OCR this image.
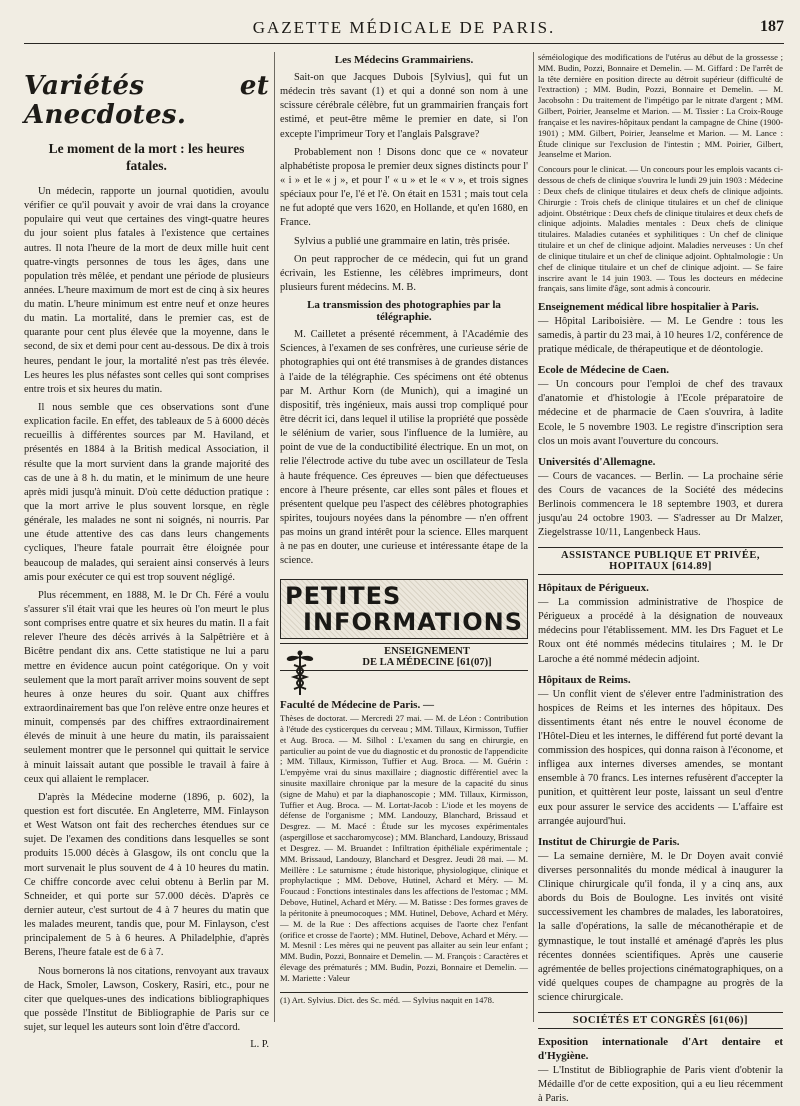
GAZETTE MÉDICALE DE PARIS.	187
Variétés et Anecdotes.
Le moment de la mort : les heures fatales.

Un médecin, rapporte un journal quotidien, avoulu vérifier ce qu'il pouvait y avoir de vrai dans la croyance populaire qui veut que certaines des vingt-quatre heures du jour soient plus fatales à l'existence que certaines autres. Il nota l'heure de la mort de deux mille huit cent quatre-vingts personnes de tous les âges, dans une population très mêlée, et pendant une période de plusieurs années. L'heure maximum de mort est de cinq à six heures du matin. L'heure minimum est entre neuf et onze heures du matin. La mortalité, dans le premier cas, est de quarante pour cent plus élevée que la moyenne, dans le second, de six et demi pour cent au-dessous. De dix à trois heures, pendant le jour, la mortalité n'est pas très élevée. Les heures les plus néfastes sont celles qui sont comprises entre trois et six heures du matin.

Il nous semble que ces observations sont d'une explication facile. En effet, des tableaux de 5 à 6000 décès recueillis à différentes sources par M. Haviland, et présentés en 1884 à la British medical Association, il résulte que la mort survient dans la grande majorité des cas de une à 8 h. du matin, et le minimum de une heure après midi jusqu'à minuit. D'où cette déduction pratique : que la mort arrive le plus souvent lorsque, en règle générale, les malades ne sont ni soignés, ni nourris. Par une étude attentive des cas dans leurs changements cycliques, l'heure fatale pourrait être éloignée pour beaucoup de malades, qui seraient ainsi conservés à leurs amis pour exécuter ce qui est trop souvent négligé.

Plus récemment, en 1888, M. le Dr Ch. Féré a voulu s'assurer s'il était vrai que les heures où l'on meurt le plus sont comprises entre quatre et six heures du matin. Il a fait relever l'heure des décès arrivés à la Salpêtrière et à Bicêtre pendant dix ans. Cette statistique ne lui a paru mettre en évidence aucun point catégorique. On y voit seulement que la mort paraît arriver moins souvent de sept heures à onze heures du soir. Quant aux chiffres extraordinairement bas que l'on relève entre onze heures et minuit, compensés par des chiffres extraordinairement élevés de minuit à une heure du matin, ils paraissaient seulement montrer que le personnel qui quittait le service à minuit laissait autant que possible le travail à faire à ceux qui allaient le remplacer.

D'après la Médecine moderne (1896, p. 602), la question est fort discutée. En Angleterre, MM. Finlayson et West Watson ont fait des recherches étendues sur ce sujet. De l'examen des conditions dans lesquelles se sont produits 15.000 décès à Glasgow, ils ont conclu que la mort survenait le plus souvent de 4 à 10 heures du matin. Ce chiffre concorde avec celui obtenu à Berlin par M. Schneider, et qui porte sur 57.000 décès. D'après ce dernier auteur, c'est surtout de 4 à 7 heures du matin que les malades meurent, tandis que, pour M. Finlayson, c'est principalement de 5 à 6 heures. A Philadelphie, d'après Berens, l'heure fatale est de 6 à 7.

Nous bornerons là nos citations, renvoyant aux travaux de Hack, Smoler, Lawson, Coskery, Rasiri, etc., pour ne citer que quelques-unes des indications bibliographiques que possède l'Institut de Bibliographie de Paris sur ce sujet, sur lequel les auteurs sont loin d'être d'accord.

L. P.
Les Médecins Grammairiens.

Sait-on que Jacques Dubois [Sylvius], qui fut un médecin très savant (1) et qui a donné son nom à une scissure cérébrale célèbre, fut un grammairien français fort estimé, et peut-être même le premier en date, si l'on excepte l'imprimeur Tory et l'anglais Palsgrave?

Probablement non ! Disons donc que ce « novateur alphabétiste proposa le premier deux signes distincts pour l' « i » et le « j », et pour l' « u » et le « v », et trois signes spéciaux pour l'e, l'é et l'è. On était en 1531 ; mais tout cela ne fut adopté que vers 1620, en Hollande, et qu'en 1680, en France.

Sylvius a publié une grammaire en latin, très prisée.

On peut rapprocher de ce médecin, qui fut un grand écrivain, les Estienne, les célèbres imprimeurs, dont plusieurs furent médecins. M. B.

La transmission des photographies par la télégraphie.

M. Cailletet a présenté récemment, à l'Académie des Sciences, à l'examen de ses confrères, une curieuse série de photographies qui ont été transmises à de grandes distances à l'aide de la télégraphie. Ces spécimens ont été obtenus par M. Arthur Korn (de Munich), qui a imaginé un dispositif, très ingénieux, mais aussi trop compliqué pour être décrit ici, dans lequel il utilise la propriété que possède le sélénium de varier, sous l'influence de la lumière, au point de vue de la conductibilité électrique. En un mot, on relie l'électrode active du tube avec un oscillateur de Tesla à haute fréquence. Ces épreuves — bien que défectueuses encore à l'heure présente, car elles sont pâles et floues et présentent quelque peu l'aspect des célèbres photographies spirites, toujours noyées dans la pénombre — n'en offrent pas moins un grand intérêt pour la science. Elles marquent à ne pas en douter, une curieuse et intéressante étape de la science.

PETITES
INFORMATIONS
ENSEIGNEMENT
DE LA MÉDECINE [61(07)]
Faculté de Médecine de Paris. —

Thèses de doctorat. — Mercredi 27 mai. — M. de Léon : Contribution à l'étude des cysticerques du cerveau ; MM. Tillaux, Kirmisson, Tuffier et Aug. Broca. — M. Silhol : L'examen du sang en chirurgie, en particulier au point de vue du diagnostic et du pronostic de l'appendicite ; MM. Tillaux, Kirmisson, Tuffier et Aug. Broca. — M. Guérin : L'empyème vrai du sinus maxillaire ; diagnostic différentiel avec la sinusite maxillaire chronique par la mesure de la capacité du sinus (signe de Mahu) et par la diaphanoscopie ; MM. Tillaux, Kirmisson, Tuffier et Aug. Broca. — M. Lortat-Jacob : L'iode et les moyens de défense de l'organisme ; MM. Landouzy, Blanchard, Brissaud et Desgrez. — M. Macé : Étude sur les mycoses expérimentales (aspergillose et saccharomycose) ; MM. Blanchard, Landouzy, Brissaud et Desgrez. — M. Bruandet : Infiltration épithéliale expérimentale ; MM. Brissaud, Landouzy, Blanchard et Desgrez. Jeudi 28 mai. — M. Meillère : Le saturnisme ; étude historique, physiologique, clinique et prophylactique ; MM. Debove, Hutinel, Achard et Méry. — M. Foucaud : Fonctions intestinales dans les affections de l'estomac ; MM. Debove, Hutinel, Achard et Méry. — M. Batisse : Des formes graves de la péritonite à pneumocoques ; MM. Hutinel, Debove, Achard et Méry. — M. de la Rue : Des affections acquises de l'aorte chez l'enfant (orifice et crosse de l'aorte) ; MM. Hutinel, Debove, Achard et Méry. — M. Mesnil : Les mères qui ne peuvent pas allaiter au sein leur enfant ; MM. Budin, Pozzi, Bonnaire et Demelin. — M. François : Caractères et élevage des prématurés ; MM. Budin, Pozzi, Bonnaire et Demelin. — M. Mariette : Valeur

(1) Art. Sylvius. Dict. des Sc. méd. — Sylvius naquit en 1478.

séméiologique des modifications de l'utérus au début de la grossesse ; MM. Budin, Pozzi, Bonnaire et Demelin. — M. Giffard : De l'arrêt de la tête dernière en position directe au détroit supérieur (difficulté de l'extraction) ; MM. Budin, Pozzi, Bonnaire et Demelin. — M. Jacobsohn : Du traitement de l'impétigo par le nitrate d'argent ; MM. Gilbert, Poirier, Jeanselme et Marion. — M. Tissier : La Croix-Rouge française et les navires-hôpitaux pendant la campagne de Chine (1900-1901) ; MM. Gilbert, Poirier, Jeanselme et Marion. — M. Lance : Étude clinique sur l'exclusion de l'intestin ; MM. Poirier, Gilbert, Jeanselme et Marion.

Concours pour le clinicat. — Un concours pour les emplois vacants ci-dessous de chefs de clinique s'ouvrira le lundi 29 juin 1903 : Médecine : Deux chefs de clinique titulaires et deux chefs de clinique adjoints. Chirurgie : Trois chefs de clinique titulaires et un chef de clinique adjoint. Obstétrique : Deux chefs de clinique titulaires et deux chefs de clinique adjoints. Maladies mentales : Deux chefs de clinique titulaires. Maladies cutanées et syphilitiques : Un chef de clinique titulaire et un chef de clinique adjoint. Maladies nerveuses : Un chef de clinique titulaire et un chef de clinique adjoint. Ophtalmologie : Un chef de clinique titulaire et un chef de clinique adjoint. — Se faire inscrire avant le 14 juin 1903. — Tous les docteurs en médecine français, sans limite d'âge, sont admis à concourir.

Enseignement médical libre hospitalier à Paris.

— Hôpital Lariboisière. — M. Le Gendre : tous les samedis, à partir du 23 mai, à 10 heures 1/2, conférence de pratique médicale, de thérapeutique et de déontologie.

Ecole de Médecine de Caen.

— Un concours pour l'emploi de chef des travaux d'anatomie et d'histologie à l'Ecole préparatoire de médecine et de pharmacie de Caen s'ouvrira, à ladite Ecole, le 5 novembre 1903. Le registre d'inscription sera clos un mois avant l'ouverture du concours.

Universités d'Allemagne.

— Cours de vacances. — Berlin. — La prochaine série des Cours de vacances de la Société des médecins Berlinois commencera le 18 septembre 1903, et durera jusqu'au 24 octobre 1903. — S'adresser au Dr Malzer, Ziegelstrasse 10/11, Langenbeck Haus.

ASSISTANCE PUBLIQUE ET PRIVÉE,
HOPITAUX [614.89]
Hôpitaux de Périgueux.

— La commission administrative de l'hospice de Périgueux a procédé à la désignation de nouveaux médecins pour l'établissement. MM. les Drs Faguet et Le Roux ont été nommés médecins titulaires ; M. le Dr Laroche a été nommé médecin adjoint.

Hôpitaux de Reims.

— Un conflit vient de s'élever entre l'administration des hospices de Reims et les internes des hôpitaux. Des dissentiments étant nés entre le nouvel économe de l'Hôtel-Dieu et les internes, le différend fut porté devant la commission des hospices, qui donna raison à l'économe, et infligea aux internes diverses amendes, se montant ensemble à 70 francs. Les internes refusèrent d'accepter la punition, et quittèrent leur poste, laissant un seul d'entre eux pour assurer le service des accidents — L'affaire est arrangée aujourd'hui.

Institut de Chirurgie de Paris.

— La semaine dernière, M. le Dr Doyen avait convié diverses personnalités du monde médical à inaugurer la Clinique chirurgicale qu'il fonda, il y a cinq ans, aux abords du Bois de Boulogne. Les invités ont visité successivement les chambres de malades, les laboratoires, la salle d'opérations, la salle de mécanothérapie et de gymnastique, le tout installé et aménagé d'après les plus récentes données scientifiques. Après une causerie agrémentée de belles projections cinématographiques, on a vidé quelques coupes de champagne au progrès de la science chirurgicale.

SOCIÉTÉS ET CONGRÈS [61(06)]
Exposition internationale d'Art dentaire et d'Hygiène.

— L'Institut de Bibliographie de Paris vient d'obtenir la Médaille d'or de cette exposition, qui a eu lieu récemment à Paris.
